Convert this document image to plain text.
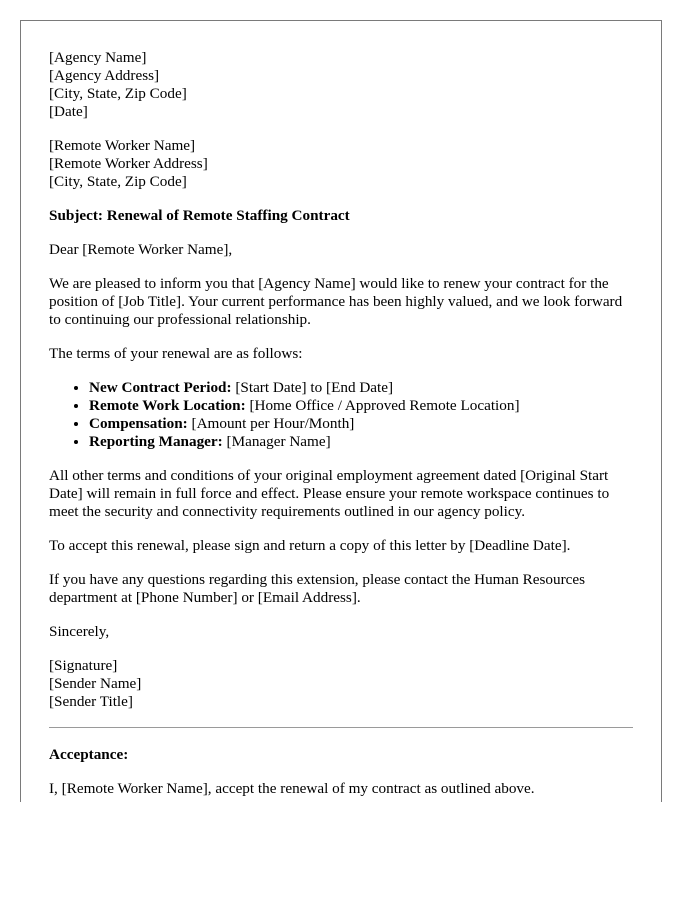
[Agency Name]
[Agency Address]
[City, State, Zip Code]
[Date]
[Remote Worker Name]
[Remote Worker Address]
[City, State, Zip Code]
Subject: Renewal of Remote Staffing Contract

Dear [Remote Worker Name],

We are pleased to inform you that [Agency Name] would like to renew your contract for the position of [Job Title]. Your current performance has been highly valued, and we look forward to continuing our professional relationship.

The terms of your renewal are as follows:

• New Contract Period: [Start Date] to [End Date]
• Remote Work Location: [Home Office / Approved Remote Location]
• Compensation: [Amount per Hour/Month]
• Reporting Manager: [Manager Name]

All other terms and conditions of your original employment agreement dated [Original Start Date] will remain in full force and effect. Please ensure your remote workspace continues to meet the security and connectivity requirements outlined in our agency policy.

To accept this renewal, please sign and return a copy of this letter by [Deadline Date].

If you have any questions regarding this extension, please contact the Human Resources department at [Phone Number] or [Email Address].

Sincerely,

[Signature]
[Sender Name]
[Sender Title]
Acceptance:

I, [Remote Worker Name], accept the renewal of my contract as outlined above.
